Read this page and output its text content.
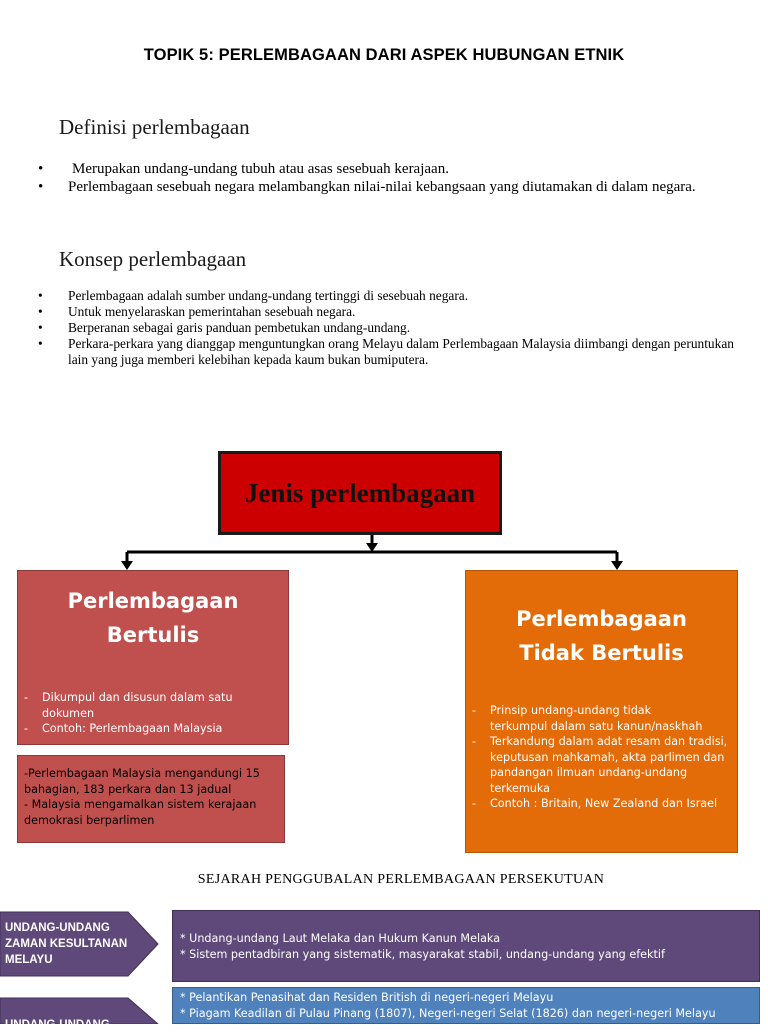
TOPIK 5: PERLEMBAGAAN DARI ASPEK HUBUNGAN ETNIK
Definisi perlembagaan
• Merupakan undang-undang tubuh atau asas sesebuah kerajaan.
• Perlembagaan sesebuah negara melambangkan nilai-nilai kebangsaan yang diutamakan di dalam negara.
Konsep perlembagaan
• Perlembagaan adalah sumber undang-undang tertinggi di sesebuah negara.
• Untuk menyelaraskan pemerintahan sesebuah negara.
• Berperanan sebagai garis panduan pembetukan undang-undang.
• Perkara-perkara yang dianggap menguntungkan orang Melayu dalam Perlembagaan Malaysia diimbangi dengan peruntukan lain yang juga memberi kelebihan kepada kaum bukan bumiputera.
Jenis perlembagaan
Perlembagaan Bertulis
- Dikumpul dan disusun dalam satu dokumen
- Contoh: Perlembagaan Malaysia
-Perlembagaan Malaysia mengandungi 15 bahagian, 183 perkara dan 13 jadual
- Malaysia mengamalkan sistem kerajaan demokrasi berparlimen
Perlembagaan Tidak Bertulis
- Prinsip undang-undang tidak terkumpul dalam satu kanun/naskhah
- Terkandung dalam adat resam dan tradisi, keputusan mahkamah, akta parlimen dan pandangan ilmuan undang-undang terkemuka
- Contoh : Britain, New Zealand dan Israel
SEJARAH PENGGUBALAN PERLEMBAGAAN PERSEKUTUAN
UNDANG-UNDANG ZAMAN KESULTANAN MELAYU
UNDANG-UNDANG
* Undang-undang Laut Melaka dan Hukum Kanun Melaka
* Sistem pentadbiran yang sistematik, masyarakat stabil, undang-undang yang efektif
* Pelantikan Penasihat dan Residen British di negeri-negeri Melayu
* Piagam Keadilan di Pulau Pinang (1807), Negeri-negeri Selat (1826) dan negeri-negeri Melayu
